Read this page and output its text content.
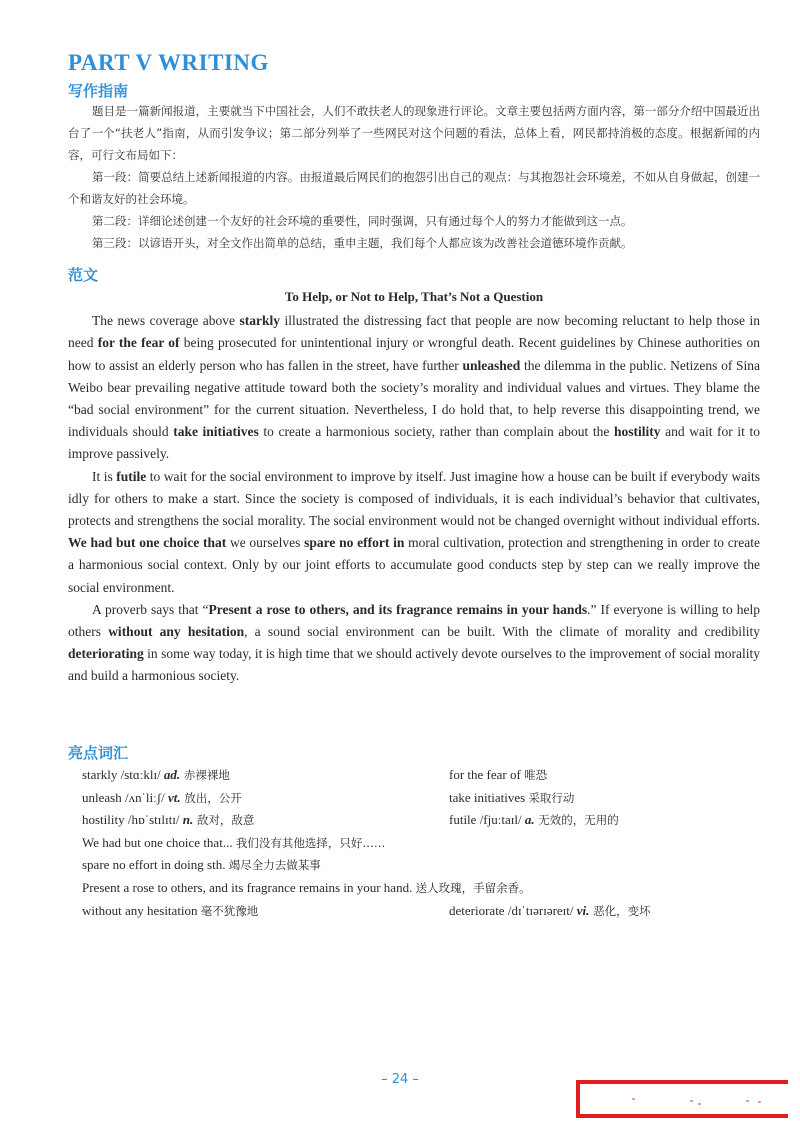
PART V WRITING
写作指南

题目是一篇新闻报道，主要就当下中国社会，人们不敢扶老人的现象进行评论。文章主要包括两方面内容，第一部分介绍中国最近出台了一个“扶老人”指南，从而引发争议；第二部分列举了一些网民对这个问题的看法，总体上看，网民都持消极的态度。根据新闻的内容，可行文布局如下：

第一段：简要总结上述新闻报道的内容。由报道最后网民们的抱怨引出自己的观点：与其抱怨社会环境差，不如从自身做起，创建一个和谐友好的社会环境。

第二段：详细论述创建一个友好的社会环境的重要性，同时强调，只有通过每个人的努力才能做到这一点。

第三段：以谚语开头，对全文作出简单的总结，重申主题，我们每个人都应该为改善社会道德环境作贡献。

范文
To Help, or Not to Help, That’s Not a Question

The news coverage above starkly illustrated the distressing fact that people are now becoming reluctant to help those in need for the fear of being prosecuted for unintentional injury or wrongful death. Recent guidelines by Chinese authorities on how to assist an elderly person who has fallen in the street, have further unleashed the dilemma in the public. Netizens of Sina Weibo bear prevailing negative attitude toward both the society’s morality and individual values and virtues. They blame the “bad social environment” for the current situation. Nevertheless, I do hold that, to help reverse this disappointing trend, we individuals should take initiatives to create a harmonious society, rather than complain about the hostility and wait for it to improve passively.

It is futile to wait for the social environment to improve by itself. Just imagine how a house can be built if everybody waits idly for others to make a start. Since the society is composed of individuals, it is each individual’s behavior that cultivates, protects and strengthens the social morality. The social environment would not be changed overnight without individual efforts. We had but one choice that we ourselves spare no effort in moral cultivation, protection and strengthening in order to create a harmonious social context. Only by our joint efforts to accumulate good conducts step by step can we really improve the social environment.

A proverb says that “Present a rose to others, and its fragrance remains in your hands.” If everyone is willing to help others without any hesitation, a sound social environment can be built. With the climate of morality and credibility deteriorating in some way today, it is high time that we should actively devote ourselves to the improvement of social morality and build a harmonious society.

亮点词汇
starkly /stɑːklɪ/ ad. 赤裸裸地	for the fear of 唯恐
unleash /ʌnˈliːʃ/ vt. 放出，公开	take initiatives 采取行动
hostility /hɒˈstɪlɪtɪ/ n. 敌对，敌意	futile /fjuːtaɪl/ a. 无效的，无用的
We had but one choice that... 我们没有其他选择，只好……
spare no effort in doing sth. 竭尽全力去做某事
Present a rose to others, and its fragrance remains in your hand. 送人玫瑰，手留余香。
without any hesitation 毫不犹豫地	deteriorate /dɪˈtɪərɪəreɪt/ vi. 恶化，变坏
– 24 –
